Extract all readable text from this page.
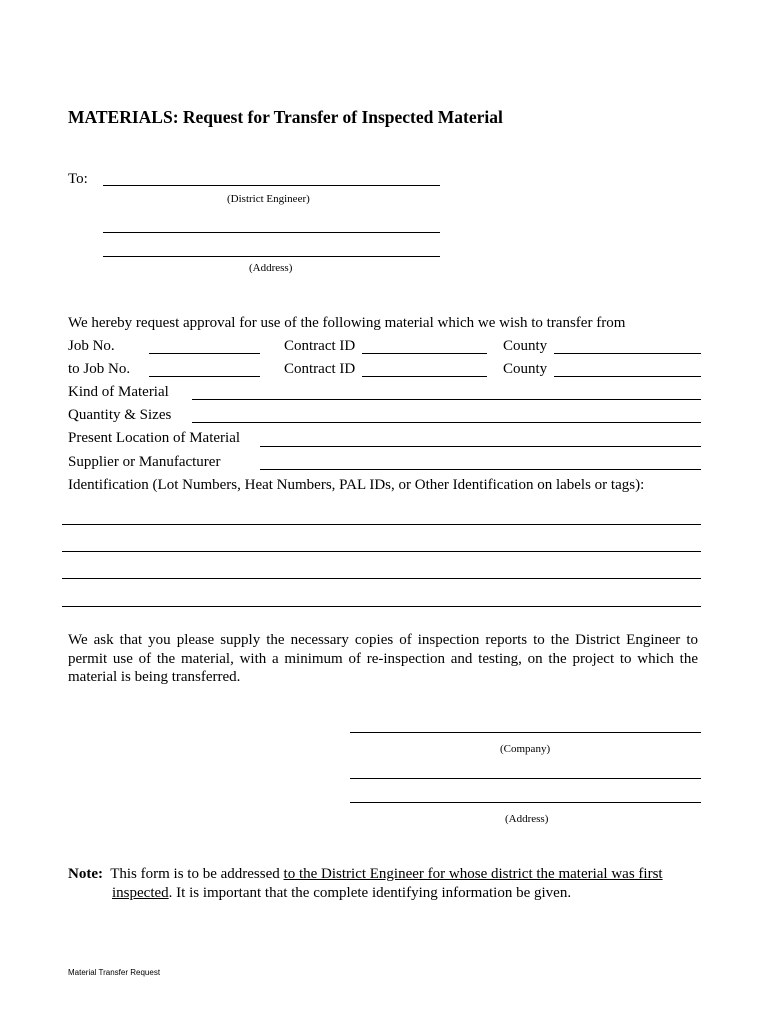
MATERIALS: Request for Transfer of Inspected Material
To:
(District Engineer)
(Address)
We hereby request approval for use of the following material which we wish to transfer from
Job No.	Contract ID	County
to Job No.	Contract ID	County
Kind of Material
Quantity & Sizes
Present Location of Material
Supplier or Manufacturer
Identification (Lot Numbers, Heat Numbers, PAL IDs, or Other Identification on labels or tags):
We ask that you please supply the necessary copies of inspection reports to the District Engineer to permit use of the material, with a minimum of re-inspection and testing, on the project to which the material is being transferred.
(Company)
(Address)
Note: This form is to be addressed to the District Engineer for whose district the material was first
inspected. It is important that the complete identifying information be given.
Material Transfer Request
